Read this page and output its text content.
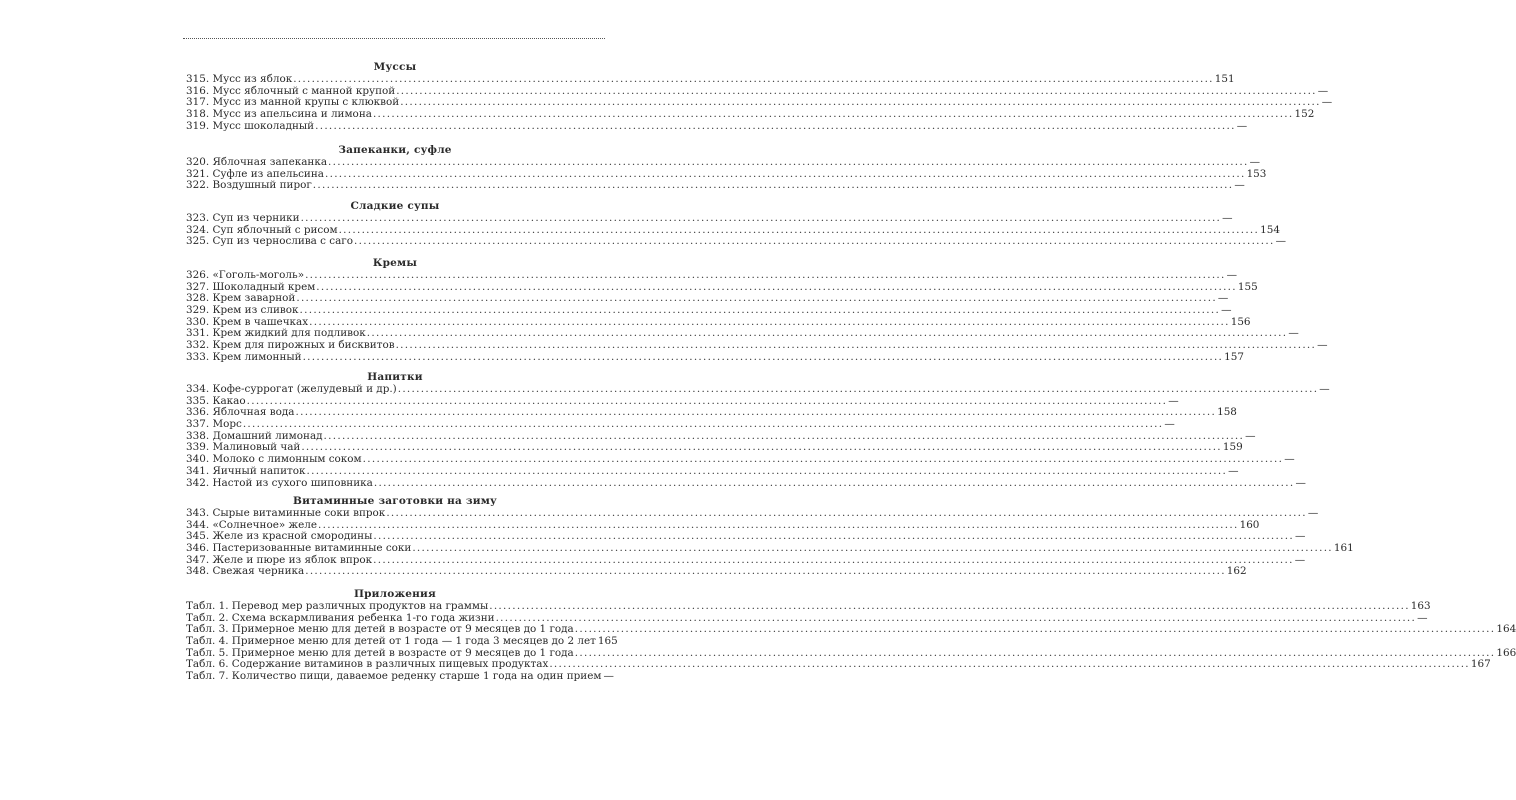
Муссы
315. Мусс из яблок ........................................................................................................................................................................................................ 151
316. Мусс яблочный с манной крупой ........................................................................................................................................................................................................ —
317. Мусс из манной крупы с клюквой ........................................................................................................................................................................................................ —
318. Мусс из апельсина и лимона ........................................................................................................................................................................................................ 152
319. Мусс шоколадный ........................................................................................................................................................................................................ —
Запеканки, суфле
320. Яблочная запеканка ........................................................................................................................................................................................................ —
321. Суфле из апельсина ........................................................................................................................................................................................................ 153
322. Воздушный пирог ........................................................................................................................................................................................................ —
Сладкие супы
323. Суп из черники ........................................................................................................................................................................................................ —
324. Суп яблочный с рисом ........................................................................................................................................................................................................ 154
325. Суп из чернослива с саго ........................................................................................................................................................................................................ —
Кремы
326. «Гоголь-моголь» ........................................................................................................................................................................................................ —
327. Шоколадный крем ........................................................................................................................................................................................................ 155
328. Крем заварной ........................................................................................................................................................................................................ —
329. Крем из сливок ........................................................................................................................................................................................................ —
330. Крем в чашечках ........................................................................................................................................................................................................ 156
331. Крем жидкий для подливок ........................................................................................................................................................................................................ —
332. Крем для пирожных и бисквитов ........................................................................................................................................................................................................ —
333. Крем лимонный ........................................................................................................................................................................................................ 157
Напитки
334. Кофе-суррогат (желудевый и др.) ........................................................................................................................................................................................................ —
335. Какао ........................................................................................................................................................................................................ —
336. Яблочная вода ........................................................................................................................................................................................................ 158
337. Морс ........................................................................................................................................................................................................ —
338. Домашний лимонад ........................................................................................................................................................................................................ —
339. Малиновый чай ........................................................................................................................................................................................................ 159
340. Молоко с лимонным соком ........................................................................................................................................................................................................ —
341. Яичный напиток ........................................................................................................................................................................................................ —
342. Настой из сухого шиповника ........................................................................................................................................................................................................ —
Витаминные заготовки на зиму
343. Сырые витаминные соки впрок ........................................................................................................................................................................................................ —
344. «Солнечное» желе ........................................................................................................................................................................................................ 160
345. Желе из красной смородины ........................................................................................................................................................................................................ —
346. Пастеризованные витаминные соки ........................................................................................................................................................................................................ 161
347. Желе и пюре из яблок впрок ........................................................................................................................................................................................................ —
348. Свежая черника ........................................................................................................................................................................................................ 162
Приложения
Табл. 1. Перевод мер различных продуктов на граммы ........................................................................................................................................................................................................ 163
Табл. 2. Схема вскармливания ребенка 1-го года жизни ........................................................................................................................................................................................................ —
Табл. 3. Примерное меню для детей в возрасте от 9 месяцев до 1 года ........................................................................................................................................................................................................ 164
Табл. 4. Примерное меню для детей от 1 года — 1 года 3 месяцев до 2 лет 165
Табл. 5. Примерное меню для детей в возрасте от 9 месяцев до 1 года ........................................................................................................................................................................................................ 166
Табл. 6. Содержание витаминов в различных пищевых продуктах ........................................................................................................................................................................................................ 167
Табл. 7. Количество пищи, даваемое реденку старше 1 года на один прием —
